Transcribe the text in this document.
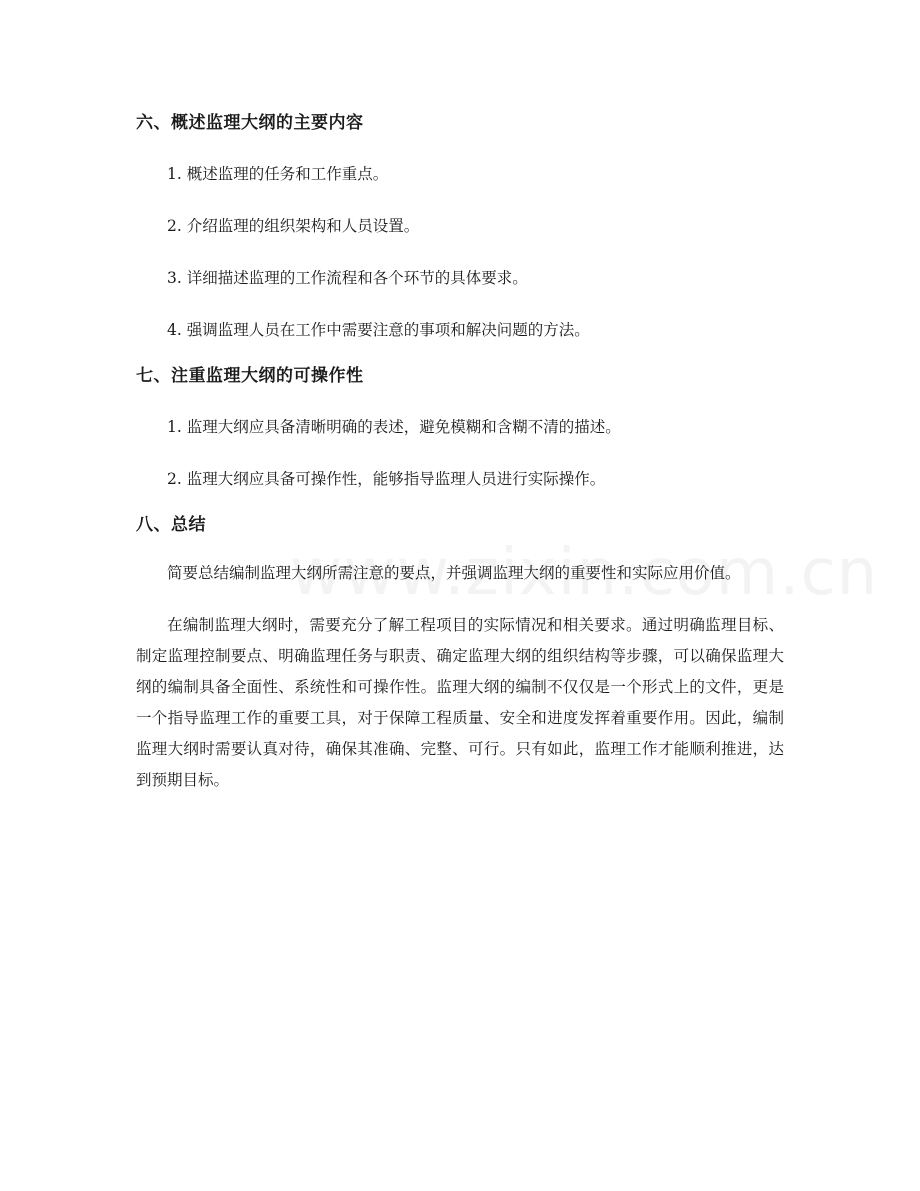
六、概述监理大纲的主要内容

1. 概述监理的任务和工作重点。

2. 介绍监理的组织架构和人员设置。

3. 详细描述监理的工作流程和各个环节的具体要求。

4. 强调监理人员在工作中需要注意的事项和解决问题的方法。

七、注重监理大纲的可操作性

1. 监理大纲应具备清晰明确的表述，避免模糊和含糊不清的描述。

2. 监理大纲应具备可操作性，能够指导监理人员进行实际操作。

八、总结

简要总结编制监理大纲所需注意的要点，并强调监理大纲的重要性和实际应用价值。

在编制监理大纲时，需要充分了解工程项目的实际情况和相关要求。通过明确监理目标、制定监理控制要点、明确监理任务与职责、确定监理大纲的组织结构等步骤，可以确保监理大纲的编制具备全面性、系统性和可操作性。监理大纲的编制不仅仅是一个形式上的文件，更是一个指导监理工作的重要工具，对于保障工程质量、安全和进度发挥着重要作用。因此，编制监理大纲时需要认真对待，确保其准确、完整、可行。只有如此，监理工作才能顺利推进，达到预期目标。
